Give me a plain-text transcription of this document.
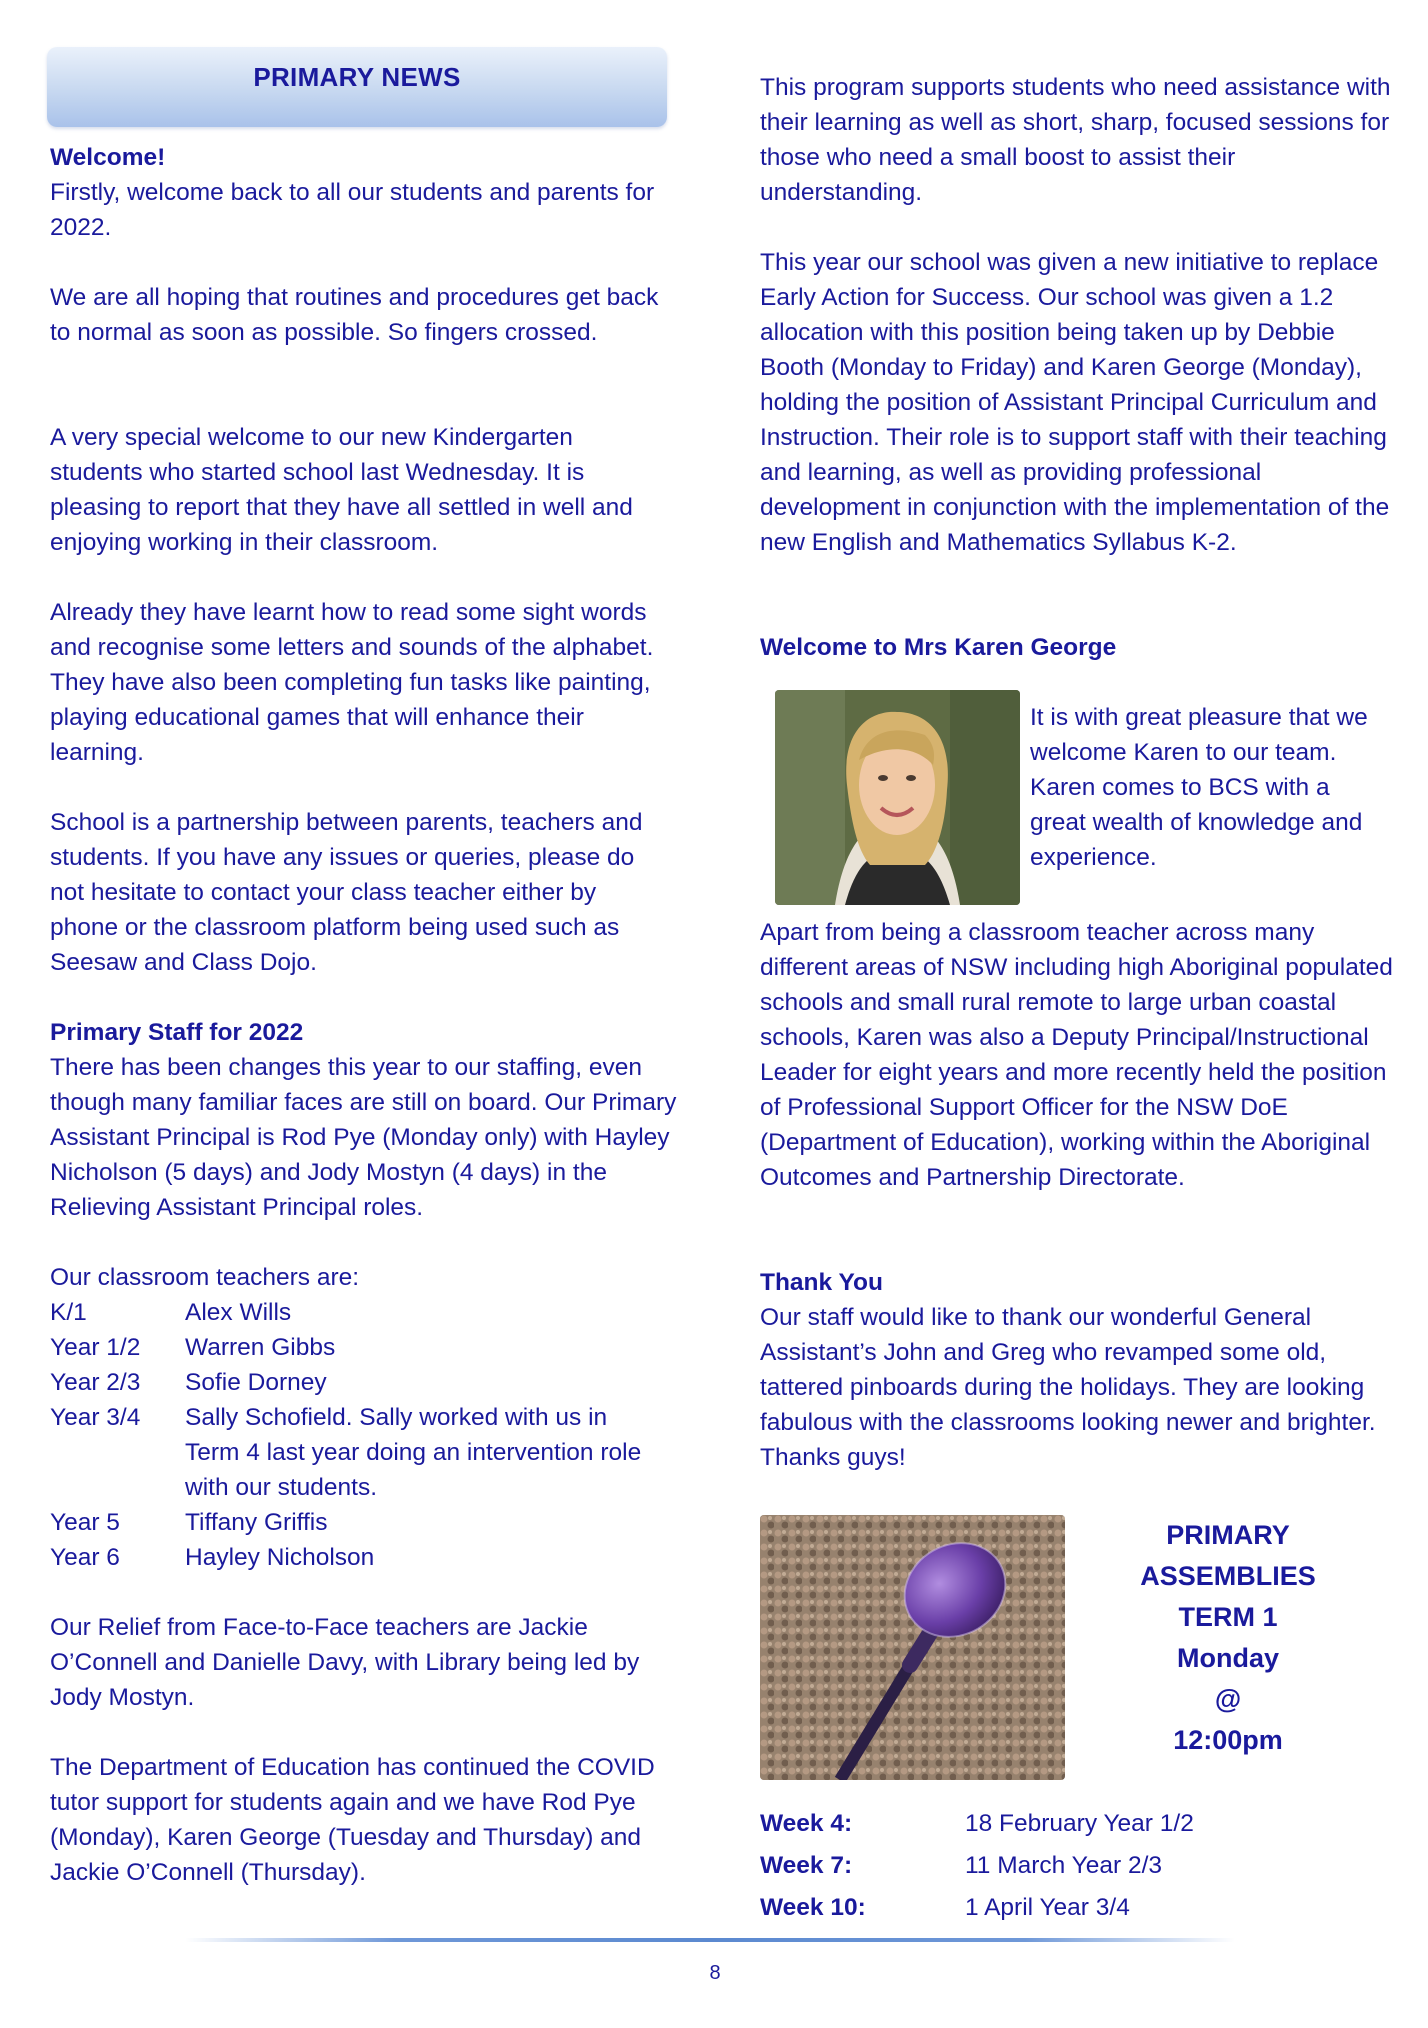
PRIMARY NEWS

Welcome!

Firstly, welcome back to all our students and parents for 2022.

We are all hoping that routines and procedures get back to normal as soon as possible. So fingers crossed.

A very special welcome to our new Kindergarten students who started school last Wednesday. It is pleasing to report that they have all settled in well and enjoying working in their classroom.

Already they have learnt how to read some sight words and recognise some letters and sounds of the alphabet. They have also been completing fun tasks like painting, playing educational games that will enhance their learning.

School is a partnership between parents, teachers and students. If you have any issues or queries, please do not hesitate to contact your class teacher either by phone or the classroom platform being used such as Seesaw and Class Dojo.

Primary Staff for 2022

There has been changes this year to our staffing, even though many familiar faces are still on board. Our Primary Assistant Principal is Rod Pye (Monday only) with Hayley Nicholson (5 days) and Jody Mostyn (4 days) in the Relieving Assistant Principal roles.

Our classroom teachers are:

K/1	Alex Wills
Year 1/2	Warren Gibbs
Year 2/3	Sofie Dorney
Year 3/4	Sally Schofield. Sally worked with us in Term 4 last year doing an intervention role with our students.
Year 5	Tiffany Griffis
Year 6	Hayley Nicholson

Our Relief from Face-to-Face teachers are Jackie O’Connell and Danielle Davy, with Library being led by Jody Mostyn.

The Department of Education has continued the COVID tutor support for students again and we have Rod Pye (Monday), Karen George (Tuesday and Thursday) and Jackie O’Connell (Thursday).

This program supports students who need assistance with their learning as well as short, sharp, focused sessions for those who need a small boost to assist their understanding.

This year our school was given a new initiative to replace Early Action for Success. Our school was given a 1.2 allocation with this position being taken up by Debbie Booth (Monday to Friday) and Karen George (Monday), holding the position of Assistant Principal Curriculum and Instruction. Their role is to support staff with their teaching and learning, as well as providing professional development in conjunction with the implementation of the new English and Mathematics Syllabus K-2.

Welcome to Mrs Karen George

It is with great pleasure that we welcome Karen to our team. Karen comes to BCS with a great wealth of knowledge and experience.

Apart from being a classroom teacher across many different areas of NSW including high Aboriginal populated schools and small rural remote to large urban coastal schools, Karen was also a Deputy Principal/Instructional Leader for eight years and more recently held the position of Professional Support Officer for the NSW DoE (Department of Education), working within the Aboriginal Outcomes and Partnership Directorate.

Thank You

Our staff would like to thank our wonderful General Assistant’s John and Greg who revamped some old, tattered pinboards during the holidays. They are looking fabulous with the classrooms looking newer and brighter. Thanks guys!

Week 4:	18 February Year 1/2
Week 7:	11 March Year 2/3
Week 10:	1 April Year 3/4
PRIMARY
ASSEMBLIES
TERM 1
Monday
@
12:00pm
8
